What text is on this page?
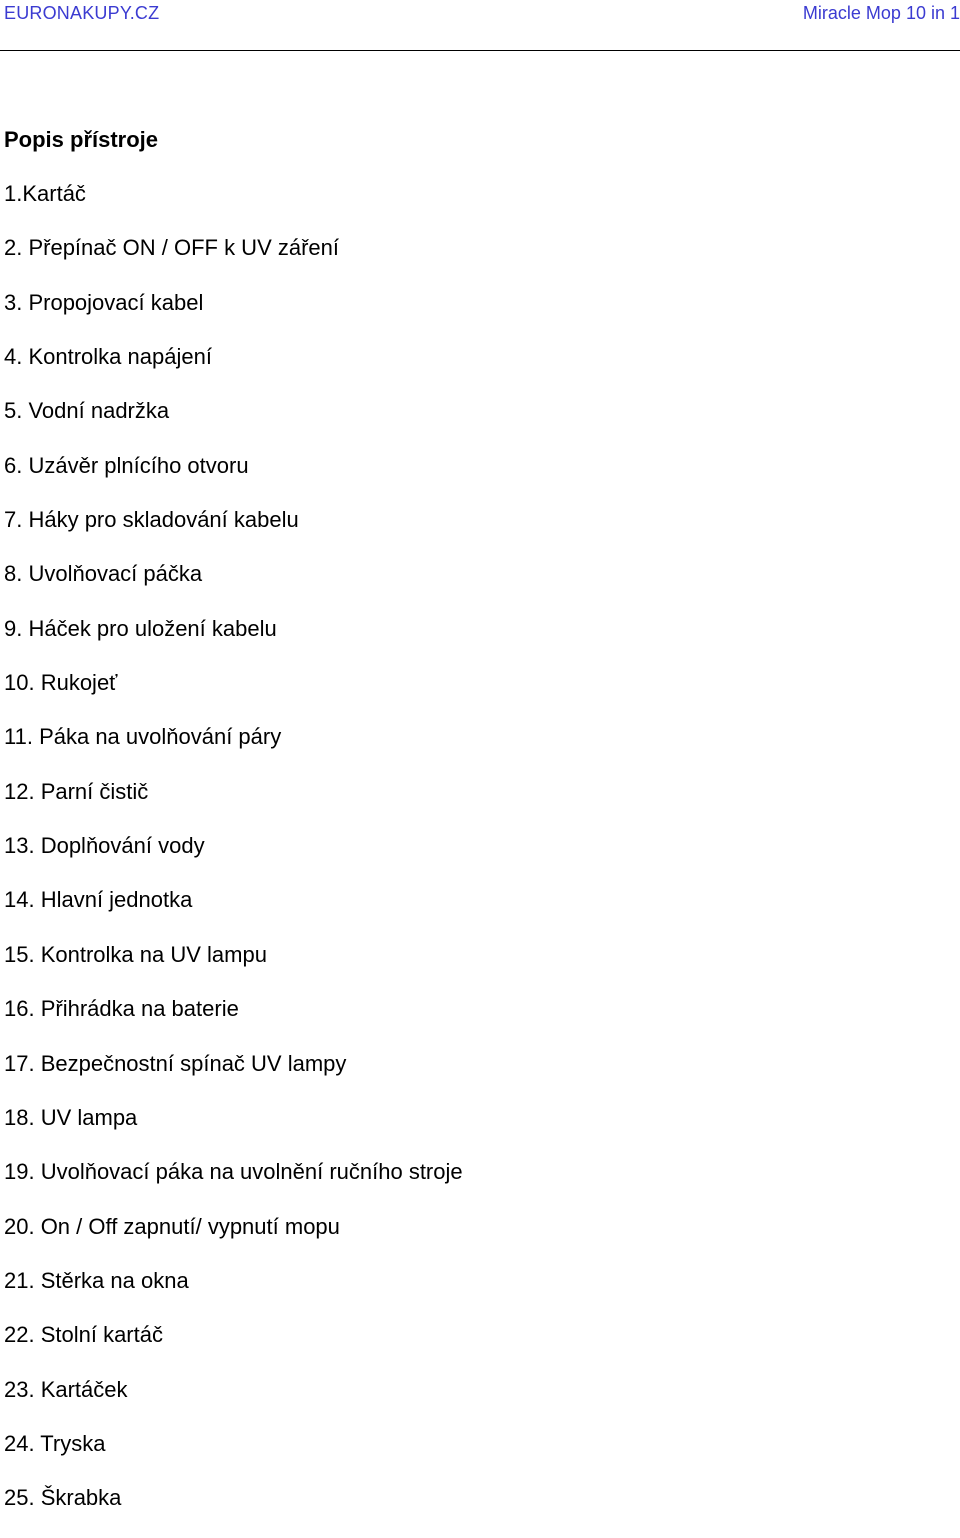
EURONAKUPY.CZ	Miracle Mop 10 in 1
Popis přístroje
1.Kartáč
2. Přepínač ON / OFF k UV záření
3. Propojovací kabel
4. Kontrolka napájení
5. Vodní nadržka
6. Uzávěr plnícího otvoru
7. Háky pro skladování kabelu
8. Uvolňovací páčka
9. Háček pro uložení kabelu
10. Rukojeť
11. Páka na uvolňování páry
12. Parní čistič
13. Doplňování vody
14. Hlavní jednotka
15. Kontrolka na UV lampu
16. Přihrádka na baterie
17. Bezpečnostní spínač UV lampy
18. UV lampa
19. Uvolňovací páka na uvolnění ručního stroje
20. On / Off zapnutí/ vypnutí mopu
21. Stěrka na okna
22. Stolní kartáč
23. Kartáček
24. Tryska
25. Škrabka
